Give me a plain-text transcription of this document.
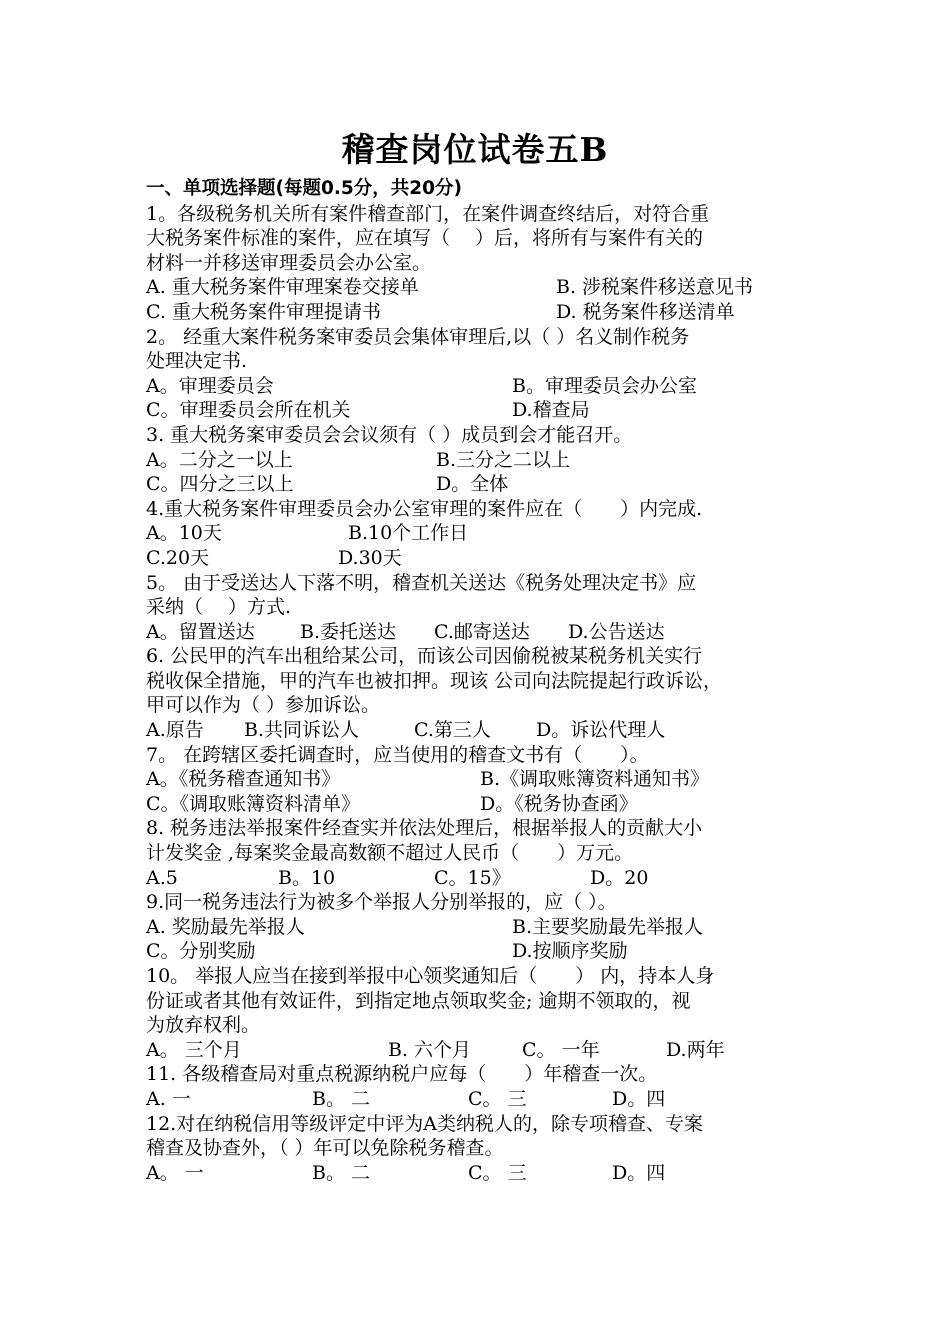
稽查岗位试卷五B
一、单项选择题(每题0.5分，共20分)
1。各级税务机关所有案件稽查部门，在案件调查终结后，对符合重
大税务案件标准的案件，应在填写（　 ）后，将所有与案件有关的
材料一并移送审理委员会办公室。
A. 重大税务案件审理案卷交接单	B. 涉税案件移送意见书
C. 重大税务案件审理提请书	D. 税务案件移送清单
2。 经重大案件税务案审委员会集体审理后,以（ ）名义制作税务
处理决定书.
A。审理委员会	B。审理委员会办公室
C。审理委员会所在机关	D.稽查局
3. 重大税务案审委员会会议须有（ ）成员到会才能召开。
A。二分之一以上	B.三分之二以上
C。四分之三以上	D。全体
4.重大税务案件审理委员会办公室审理的案件应在（　　）内完成.
A。10天	B.10个工作日
C.20天	D.30天
5。 由于受送达人下落不明，稽查机关送达《税务处理决定书》应
采纳（　 ）方式.
A。留置送达 B.委托送达 C.邮寄送达 D.公告送达
6. 公民甲的汽车出租给某公司，而该公司因偷税被某税务机关实行
税收保全措施，甲的汽车也被扣押。现该 公司向法院提起行政诉讼，
甲可以作为（ ）参加诉讼。
A.原告 B.共同诉讼人	C.第三人 D。诉讼代理人
7。 在跨辖区委托调查时，应当使用的稽查文书有（　　）。
A。《税务稽查通知书》	B.《调取账簿资料通知书》
C。《调取账簿资料清单》	D。《税务协查函》
8. 税务违法举报案件经查实并依法处理后，根据举报人的贡献大小
计发奖金 ,每案奖金最高数额不超过人民币（　　）万元。
A.5	B。10	C。15》	D。20
9.同一税务违法行为被多个举报人分别举报的，应（ ）。
A. 奖励最先举报人	B.主要奖励最先举报人
C。分别奖励	D.按顺序奖励
10。 举报人应当在接到举报中心领奖通知后（　　） 内，持本人身
份证或者其他有效证件，到指定地点领取奖金; 逾期不领取的，视
为放弃权利。
A。 三个月	B. 六个月	C。 一年	D.两年
11. 各级稽查局对重点税源纳税户应每（　　）年稽查一次。
A. 一	B。 二	C。 三	D。四
12.对在纳税信用等级评定中评为A类纳税人的，除专项稽查、专案
稽查及协查外，（ ）年可以免除税务稽查。
A。 一	B。 二	C。 三	D。四
